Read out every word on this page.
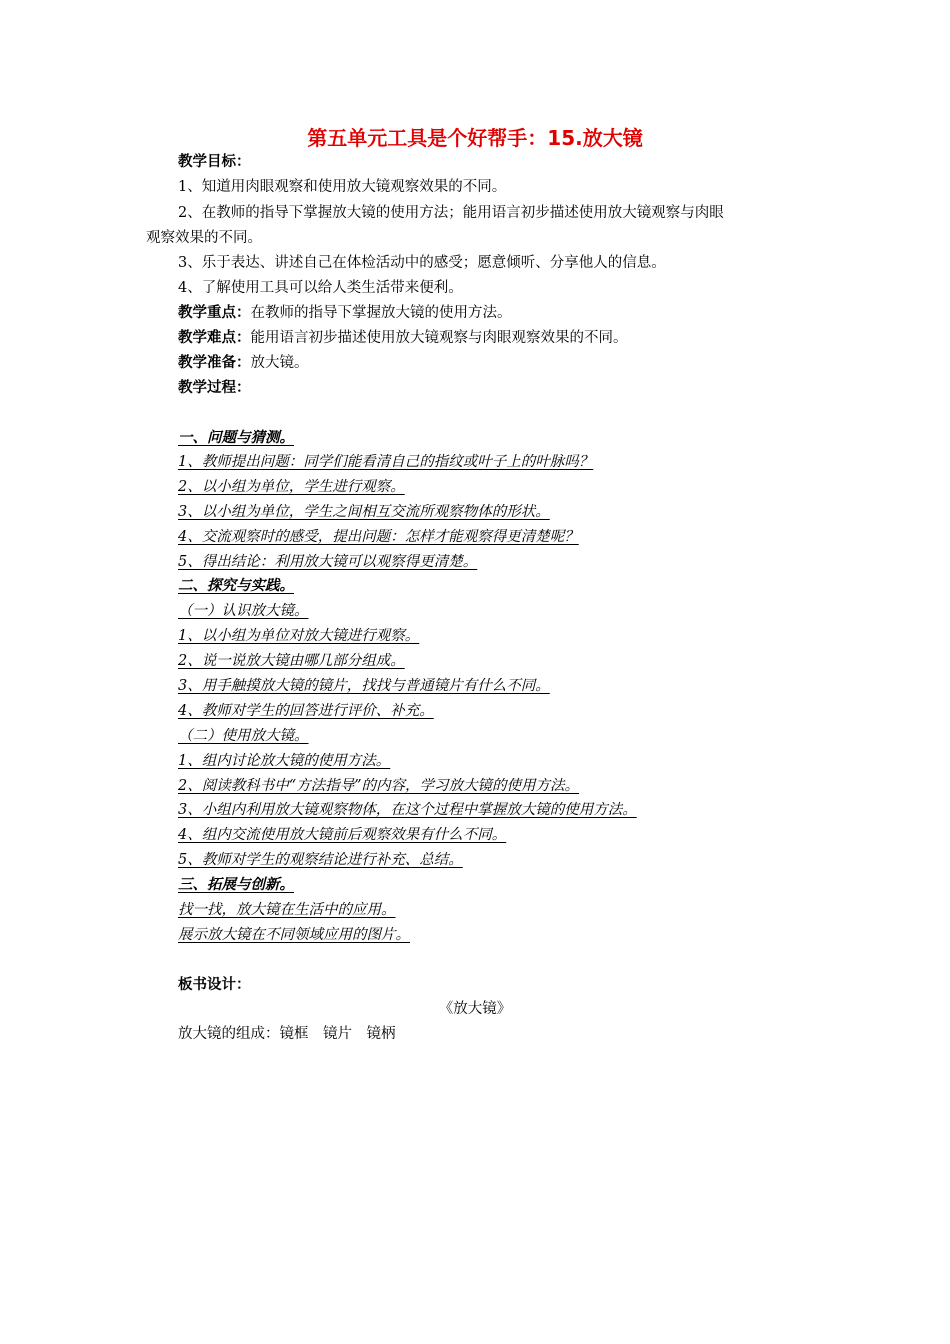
第五单元工具是个好帮手：15.放大镜
教学目标：
1、知道用肉眼观察和使用放大镜观察效果的不同。
2、在教师的指导下掌握放大镜的使用方法；能用语言初步描述使用放大镜观察与肉眼
观察效果的不同。
3、乐于表达、讲述自己在体检活动中的感受；愿意倾听、分享他人的信息。
4、了解使用工具可以给人类生活带来便利。
教学重点：在教师的指导下掌握放大镜的使用方法。
教学难点：能用语言初步描述使用放大镜观察与肉眼观察效果的不同。
教学准备：放大镜。
教学过程：
一、问题与猜测。
1、教师提出问题：同学们能看清自己的指纹或叶子上的叶脉吗？
2、以小组为单位，学生进行观察。
3、以小组为单位，学生之间相互交流所观察物体的形状。
4、交流观察时的感受，提出问题：怎样才能观察得更清楚呢？
5、得出结论：利用放大镜可以观察得更清楚。
二、探究与实践。
（一）认识放大镜。
1、以小组为单位对放大镜进行观察。
2、说一说放大镜由哪几部分组成。
3、用手触摸放大镜的镜片，找找与普通镜片有什么不同。
4、教师对学生的回答进行评价、补充。
（二）使用放大镜。
1、组内讨论放大镜的使用方法。
2、阅读教科书中“方法指导”的内容，学习放大镜的使用方法。
3、小组内利用放大镜观察物体，在这个过程中掌握放大镜的使用方法。
4、组内交流使用放大镜前后观察效果有什么不同。
5、教师对学生的观察结论进行补充、总结。
三、拓展与创新。
找一找，放大镜在生活中的应用。
展示放大镜在不同领域应用的图片。
板书设计：
《放大镜》
放大镜的组成：镜框　镜片　镜柄
